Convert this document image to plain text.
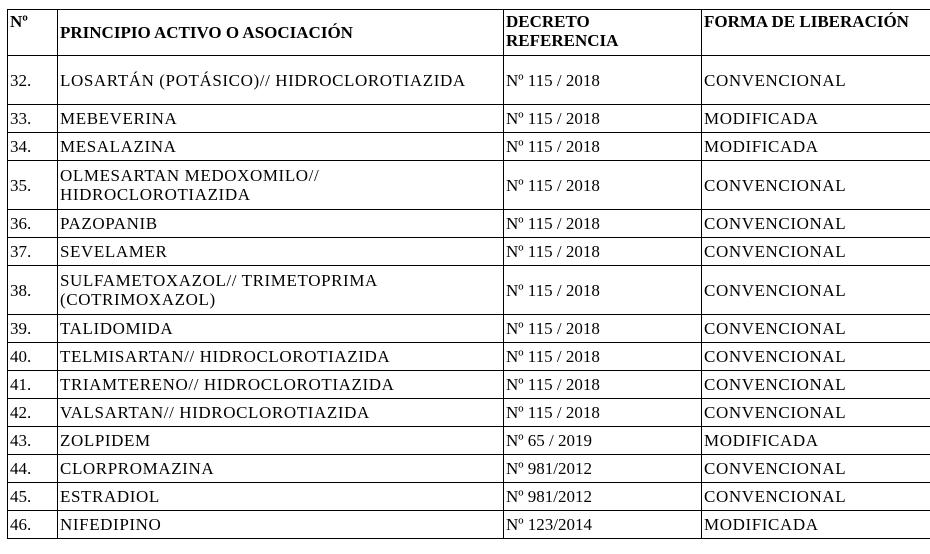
Nº	PRINCIPIO ACTIVO O ASOCIACIÓN	DECRETO REFERENCIA	FORMA DE LIBERACIÓN
32.	LOSARTÁN (POTÁSICO)// HIDROCLOROTIAZIDA	Nº 115 / 2018	CONVENCIONAL
33.	MEBEVERINA	Nº 115 / 2018	MODIFICADA
34.	MESALAZINA	Nº 115 / 2018	MODIFICADA
35.	OLMESARTAN MEDOXOMILO// HIDROCLOROTIAZIDA	Nº 115 / 2018	CONVENCIONAL
36.	PAZOPANIB	Nº 115 / 2018	CONVENCIONAL
37.	SEVELAMER	Nº 115 / 2018	CONVENCIONAL
38.	SULFAMETOXAZOL// TRIMETOPRIMA (COTRIMOXAZOL)	Nº 115 / 2018	CONVENCIONAL
39.	TALIDOMIDA	Nº 115 / 2018	CONVENCIONAL
40.	TELMISARTAN// HIDROCLOROTIAZIDA	Nº 115 / 2018	CONVENCIONAL
41.	TRIAMTERENO// HIDROCLOROTIAZIDA	Nº 115 / 2018	CONVENCIONAL
42.	VALSARTAN// HIDROCLOROTIAZIDA	Nº 115 / 2018	CONVENCIONAL
43.	ZOLPIDEM	Nº 65 / 2019	MODIFICADA
44.	CLORPROMAZINA	Nº 981/2012	CONVENCIONAL
45.	ESTRADIOL	Nº 981/2012	CONVENCIONAL
46.	NIFEDIPINO	Nº 123/2014	MODIFICADA
